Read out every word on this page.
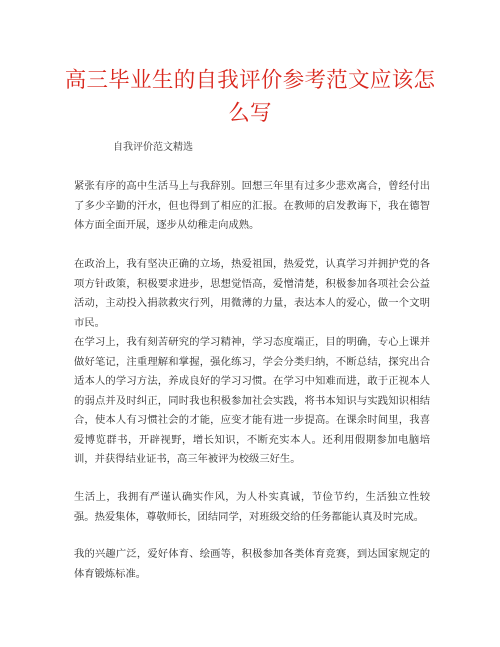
高三毕业生的自我评价参考范文应该怎么写

自我评价范文精选

紧张有序的高中生活马上与我辞别。回想三年里有过多少悲欢离合，曾经付出了多少辛勤的汗水，但也得到了相应的汇报。在教师的启发教诲下，我在德智体方面全面开展，逐步从幼稚走向成熟。

在政治上，我有坚决正确的立场，热爱祖国，热爱党，认真学习并拥护党的各项方针政策，积极要求进步，思想觉悟高，爱憎清楚，积极参加各项社会公益活动，主动投入捐款救灾行列，用微薄的力量，表达本人的爱心，做一个文明市民。

在学习上，我有刻苦研究的学习精神，学习态度端正，目的明确，专心上课并做好笔记，注重理解和掌握，强化练习，学会分类归纳，不断总结，探究出合适本人的学习方法，养成良好的学习习惯。在学习中知难而进，敢于正视本人的弱点并及时纠正，同时我也积极参加社会实践，将书本知识与实践知识相结合，使本人有习惯社会的才能，应变才能有进一步提高。在课余时间里，我喜爱博览群书，开辟视野，增长知识，不断充实本人。还利用假期参加电脑培训，并获得结业证书，高三年被评为校级三好生。

生活上，我拥有严谨认确实作风，为人朴实真诚，节俭节约，生活独立性较强。热爱集体，尊敬师长，团结同学，对班级交给的任务都能认真及时完成。

我的兴趣广泛，爱好体育、绘画等，积极参加各类体育竞赛，到达国家规定的体育锻炼标准。
